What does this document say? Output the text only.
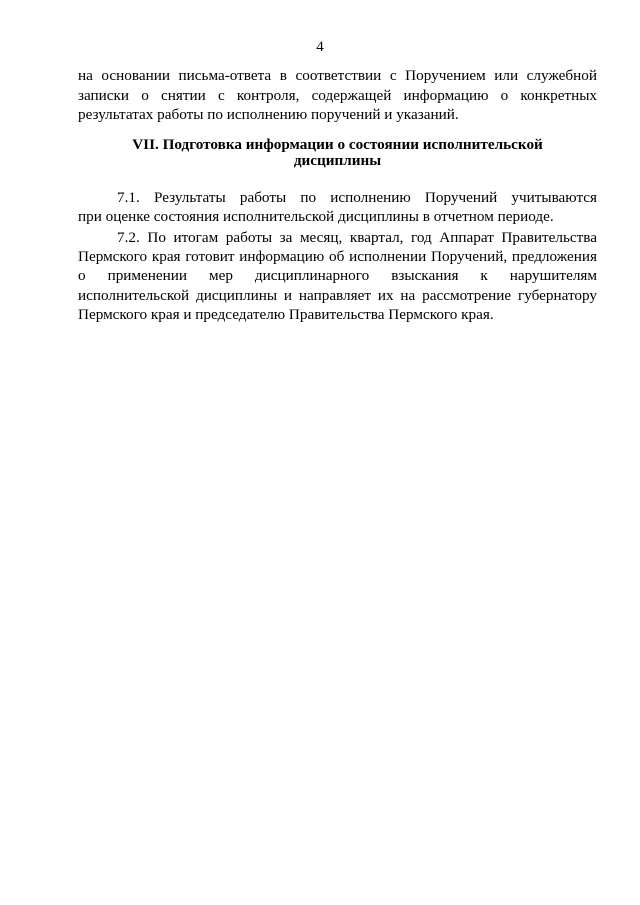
4
на основании письма-ответа в соответствии с Поручением или служебной
записки о снятии с контроля, содержащей информацию о конкретных
результатах работы по исполнению поручений и указаний.
VII. Подготовка информации о состоянии исполнительской
дисциплины
7.1. Результаты работы по исполнению Поручений учитываются
при оценке состояния исполнительской дисциплины в отчетном периоде.
7.2. По итогам работы за месяц, квартал, год Аппарат Правительства
Пермского края готовит информацию об исполнении Поручений, предложения
о применении мер дисциплинарного взыскания к нарушителям
исполнительской дисциплины и направляет их на рассмотрение губернатору
Пермского края и председателю Правительства Пермского края.
